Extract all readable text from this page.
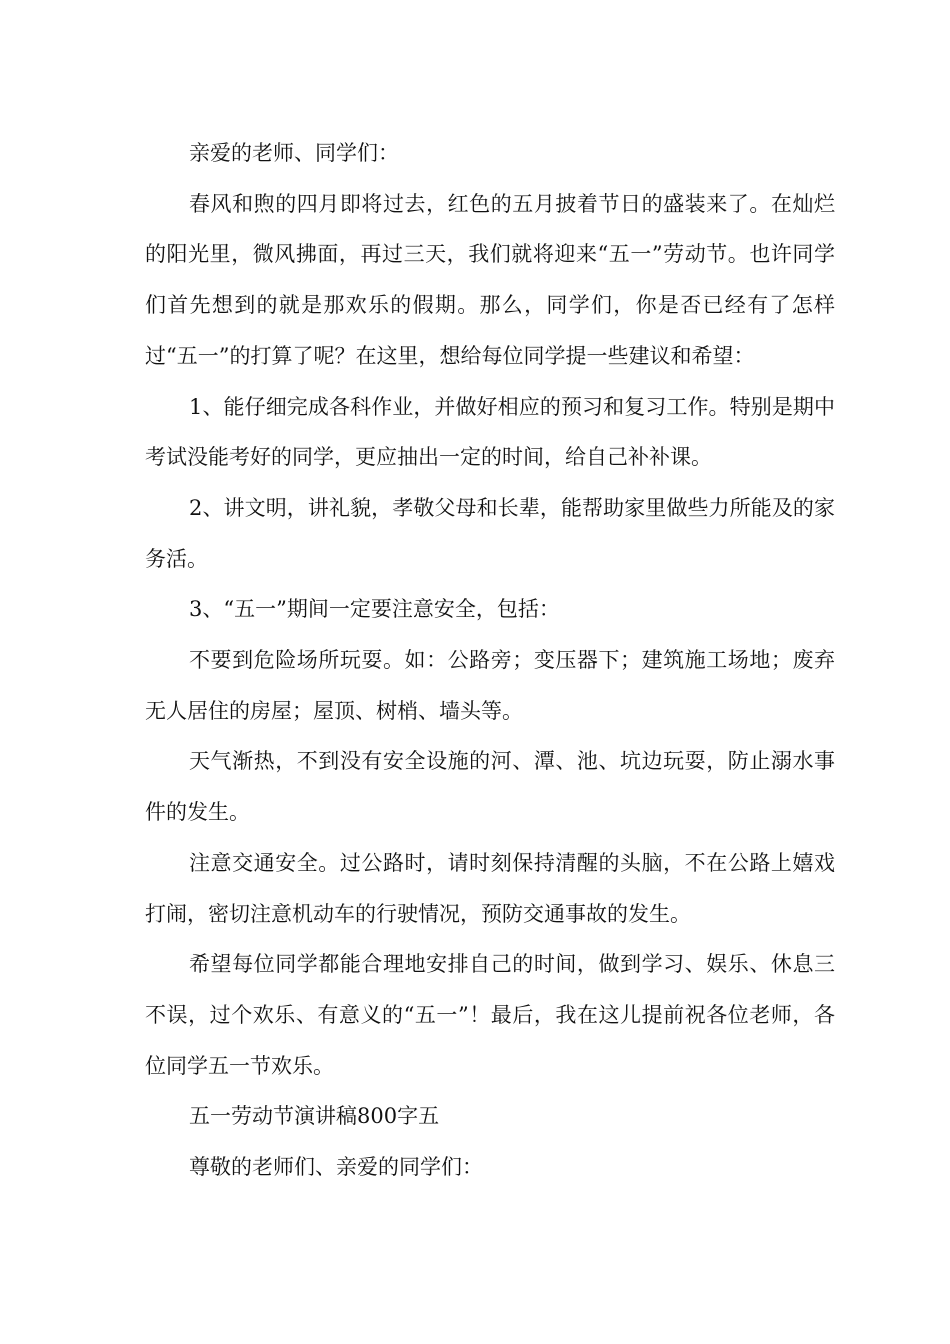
亲爱的老师、同学们：

春风和煦的四月即将过去，红色的五月披着节日的盛装来了。在灿烂的阳光里，微风拂面，再过三天，我们就将迎来“五一”劳动节。也许同学们首先想到的就是那欢乐的假期。那么，同学们，你是否已经有了怎样过“五一”的打算了呢？在这里，想给每位同学提一些建议和希望：

1、能仔细完成各科作业，并做好相应的预习和复习工作。特别是期中考试没能考好的同学，更应抽出一定的时间，给自己补补课。

2、讲文明，讲礼貌，孝敬父母和长辈，能帮助家里做些力所能及的家务活。

3、“五一”期间一定要注意安全，包括：

不要到危险场所玩耍。如：公路旁；变压器下；建筑施工场地；废弃无人居住的房屋；屋顶、树梢、墙头等。

天气渐热，不到没有安全设施的河、潭、池、坑边玩耍，防止溺水事件的发生。

注意交通安全。过公路时，请时刻保持清醒的头脑，不在公路上嬉戏打闹，密切注意机动车的行驶情况，预防交通事故的发生。

希望每位同学都能合理地安排自己的时间，做到学习、娱乐、休息三不误，过个欢乐、有意义的“五一”！最后，我在这儿提前祝各位老师，各位同学五一节欢乐。

五一劳动节演讲稿800字五

尊敬的老师们、亲爱的同学们：
